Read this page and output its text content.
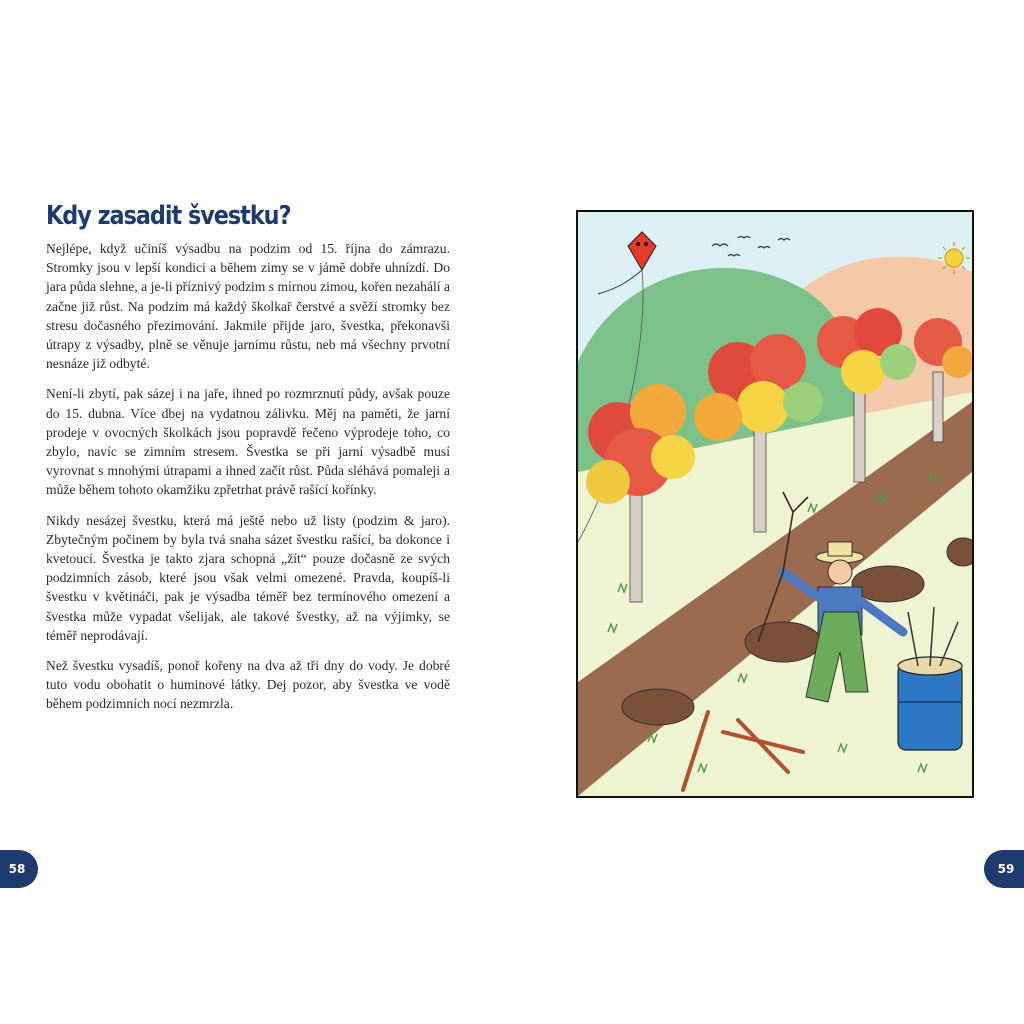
Kdy zasadit švestku?

Nejlépe, když učiníš výsadbu na podzim od 15. října do zámrazu. Stromky jsou v lepší kondici a během zimy se v jámě dobře uhnízdí. Do jara půda slehne, a je-li příznivý podzim s mírnou zimou, kořen nezahálí a začne již růst. Na podzim má každý školkař čerstvé a svěží stromky bez stresu dočasného přezimování. Jakmile přijde jaro, švestka, překonavši útrapy z výsadby, plně se věnuje jarnímu růstu, neb má všechny prvotní nesnáze již odbyté.

Není-li zbytí, pak sázej i na jaře, ihned po rozmrznutí půdy, avšak pouze do 15. dubna. Více dbej na vydatnou zálivku. Měj na paměti, že jarní prodeje v ovocných školkách jsou popravdě řečeno výprodeje toho, co zbylo, navíc se zimním stresem. Švestka se při jarní výsadbě musí vyrovnat s mnohými útrapami a ihned začít růst. Půda sléhává pomaleji a může během tohoto okamžiku zpřetrhat právě rašící kořínky.

Nikdy nesázej švestku, která má ještě nebo už listy (podzim & jaro). Zbytečným počinem by byla tvá snaha sázet švestku rašící, ba dokonce i kvetoucí. Švestka je takto zjara schopná „žít“ pouze dočasně ze svých podzimních zásob, které jsou však velmi omezené. Pravda, koupíš-li švestku v květináči, pak je výsadba téměř bez termínového omezení a švestka může vypadat všelijak, ale takové švestky, až na výjimky, se téměř neprodávají.

Než švestku vysadíš, ponoř kořeny na dva až tři dny do vody. Je dobré tuto vodu obohatit o huminové látky. Dej pozor, aby švestka ve vodě během podzimních nocí nezmrzla.

58	59
